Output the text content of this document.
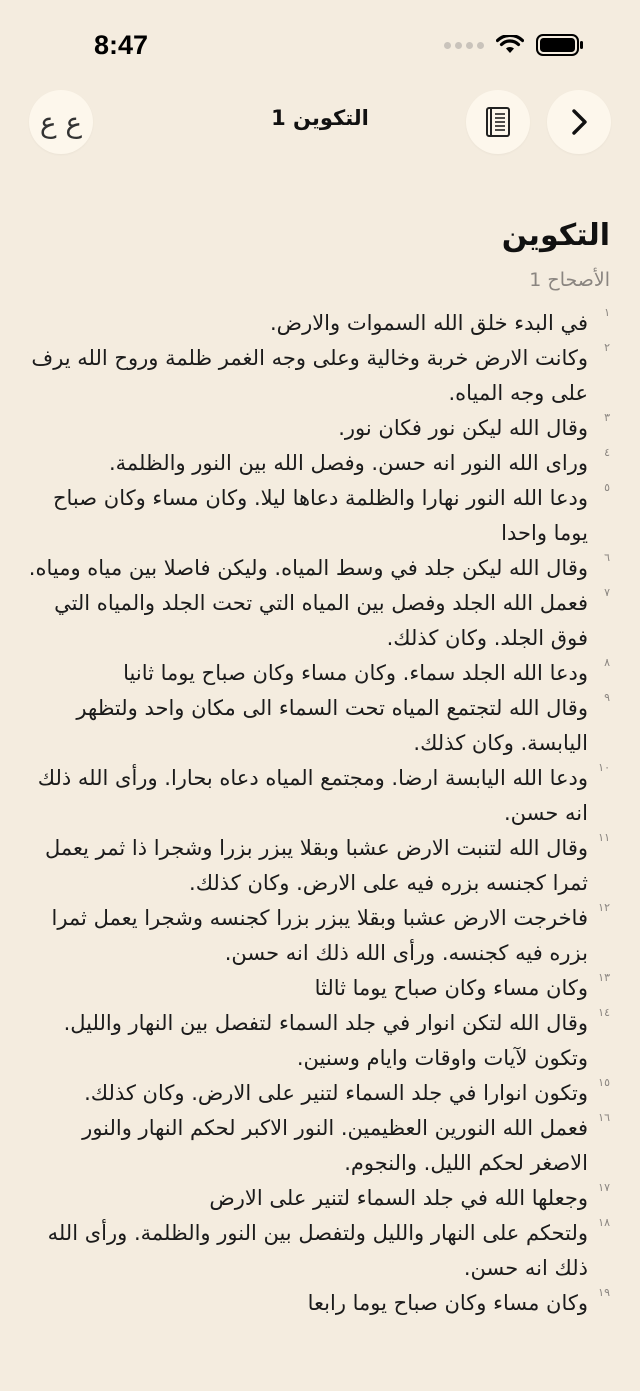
8:47
ع ع	التكوين 1
التكوين
الأصحاح 1
١
في البدء خلق الله السموات والارض.
٢
وكانت الارض خربة وخالية وعلى وجه الغمر ظلمة وروح الله يرف على وجه المياه.
٣
وقال الله ليكن نور فكان نور.
٤
ورای الله النور انه حسن. وفصل الله بين النور والظلمة.
٥
ودعا الله النور نهارا والظلمة دعاها ليلا. وكان مساء وكان صباح يوما واحدا
٦
وقال الله ليكن جلد في وسط المياه. وليكن فاصلا بين مياه ومياه.
٧
فعمل الله الجلد وفصل بين المياه التي تحت الجلد والمياه التي فوق الجلد. وكان كذلك.
٨
ودعا الله الجلد سماء. وكان مساء وكان صباح يوما ثانيا
٩
وقال الله لتجتمع المياه تحت السماء الى مكان واحد ولتظهر اليابسة. وكان كذلك.
١٠
ودعا الله اليابسة ارضا. ومجتمع المياه دعاه بحارا. ورأى الله ذلك انه حسن.
١١
وقال الله لتنبت الارض عشبا وبقلا يبزر بزرا وشجرا ذا ثمر يعمل ثمرا كجنسه بزره فيه على الارض. وكان كذلك.
١٢
فاخرجت الارض عشبا وبقلا يبزر بزرا كجنسه وشجرا يعمل ثمرا بزره فيه كجنسه. ورأى الله ذلك انه حسن.
١٣
وكان مساء وكان صباح يوما ثالثا
١٤
وقال الله لتكن انوار في جلد السماء لتفصل بين النهار والليل. وتكون لآيات واوقات وايام وسنين.
١٥
وتكون انوارا في جلد السماء لتنير على الارض. وكان كذلك.
١٦
فعمل الله النورين العظيمين. النور الاكبر لحكم النهار والنور الاصغر لحكم الليل. والنجوم.
١٧
وجعلها الله في جلد السماء لتنير على الارض
١٨
ولتحكم على النهار والليل ولتفصل بين النور والظلمة. ورأى الله ذلك انه حسن.
١٩
وكان مساء وكان صباح يوما رابعا
